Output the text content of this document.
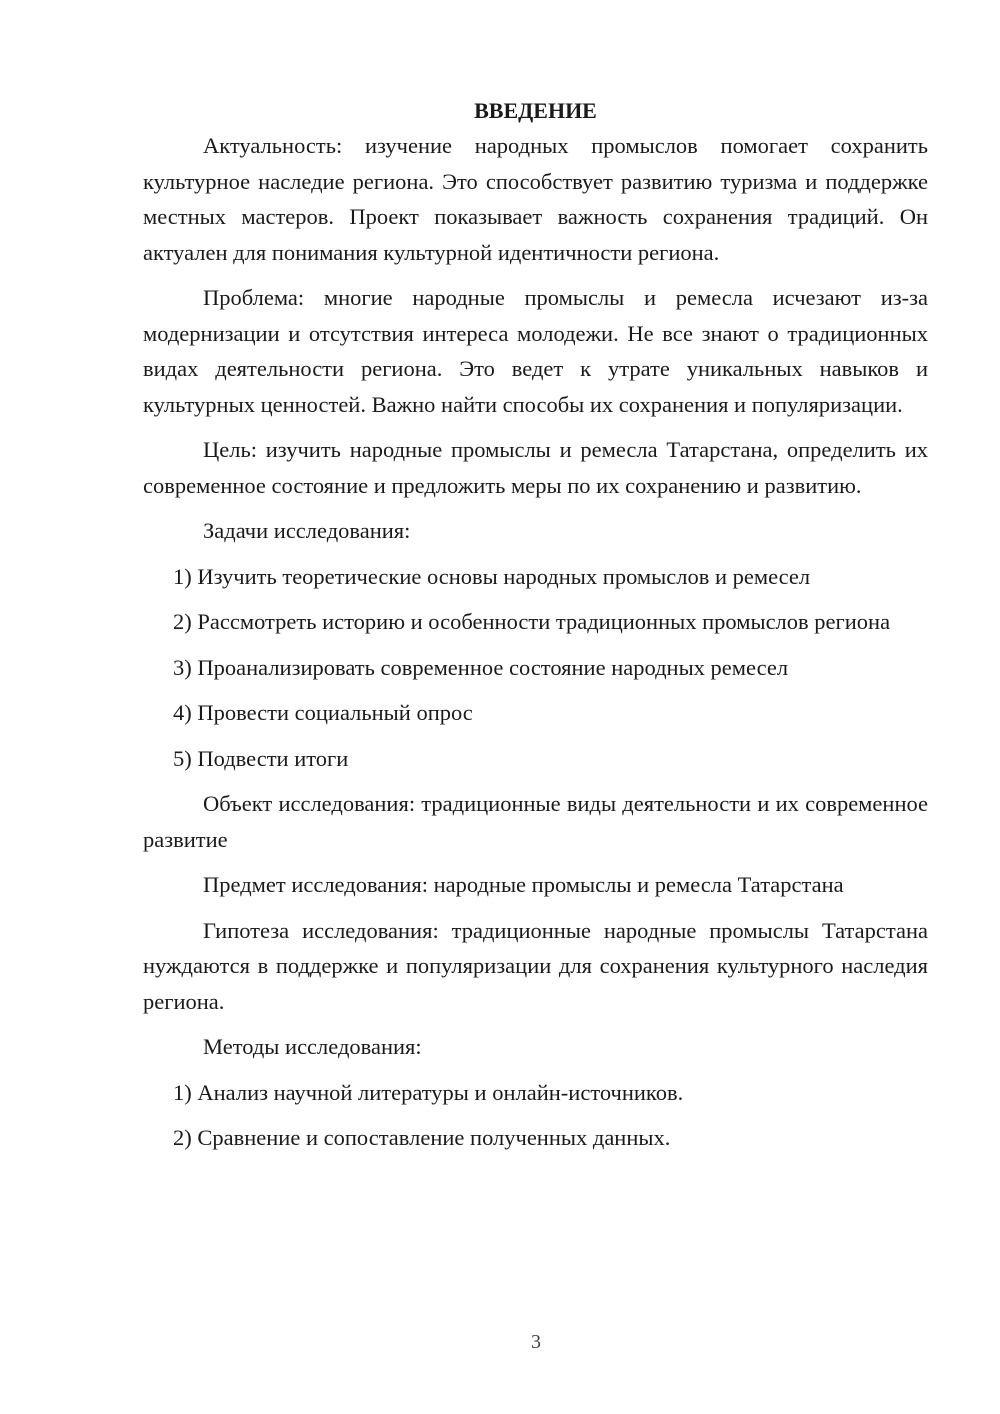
ВВЕДЕНИЕ

Актуальность: изучение народных промыслов помогает сохранить культурное наследие региона. Это способствует развитию туризма и поддержке местных мастеров. Проект показывает важность сохранения традиций. Он актуален для понимания культурной идентичности региона.

Проблема: многие народные промыслы и ремесла исчезают из-за модернизации и отсутствия интереса молодежи. Не все знают о традиционных видах деятельности региона. Это ведет к утрате уникальных навыков и культурных ценностей. Важно найти способы их сохранения и популяризации.

Цель: изучить народные промыслы и ремесла Татарстана, определить их современное состояние и предложить меры по их сохранению и развитию.

Задачи исследования:

1) Изучить теоретические основы народных промыслов и ремесел

2) Рассмотреть историю и особенности традиционных промыслов региона

3) Проанализировать современное состояние народных ремесел

4) Провести социальный опрос

5) Подвести итоги

Объект исследования: традиционные виды деятельности и их современное развитие

Предмет исследования: народные промыслы и ремесла Татарстана

Гипотеза исследования: традиционные народные промыслы Татарстана нуждаются в поддержке и популяризации для сохранения культурного наследия региона.

Методы исследования:

1) Анализ научной литературы и онлайн-источников.

2) Сравнение и сопоставление полученных данных.

3
